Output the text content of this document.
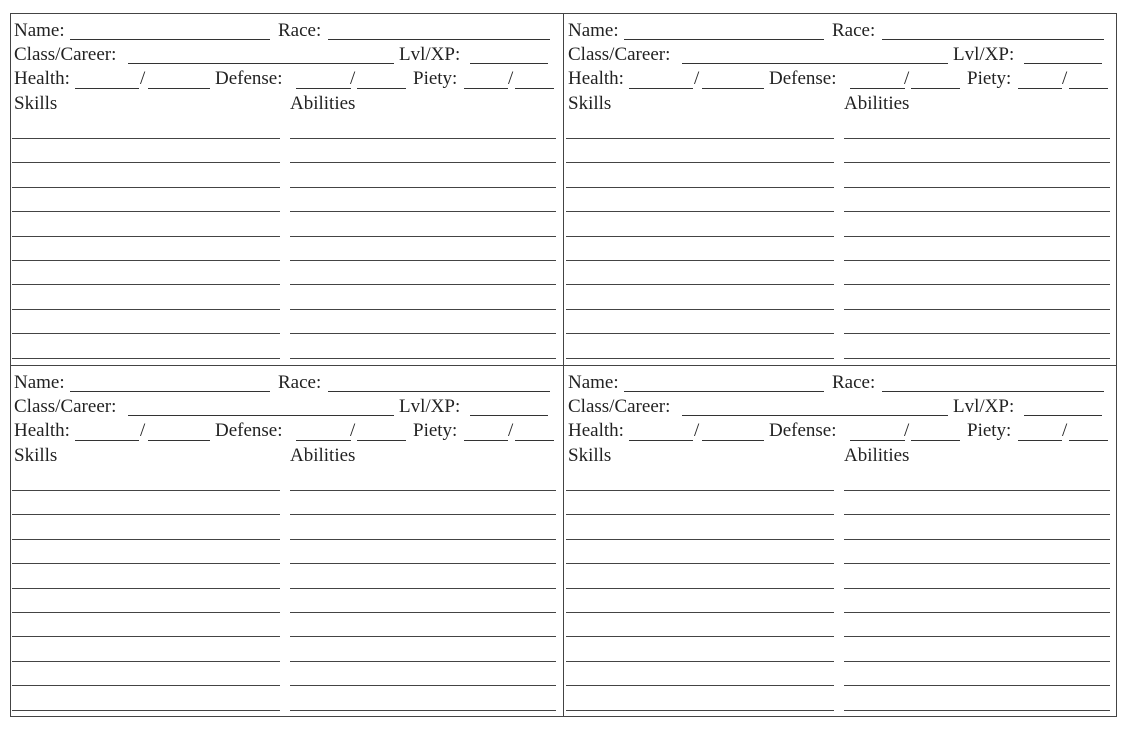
Name:	Race:
Class/Career:	Lvl/XP:
Health:	/	Defense:	/	Piety:	/
Skills	Abilities
Name:	Race:
Class/Career:	Lvl/XP:
Health:	/	Defense:	/	Piety:	/
Skills	Abilities
Name:	Race:
Class/Career:	Lvl/XP:
Health:	/	Defense:	/	Piety:	/
Skills	Abilities
Name:	Race:
Class/Career:	Lvl/XP:
Health:	/	Defense:	/	Piety:	/
Skills	Abilities
